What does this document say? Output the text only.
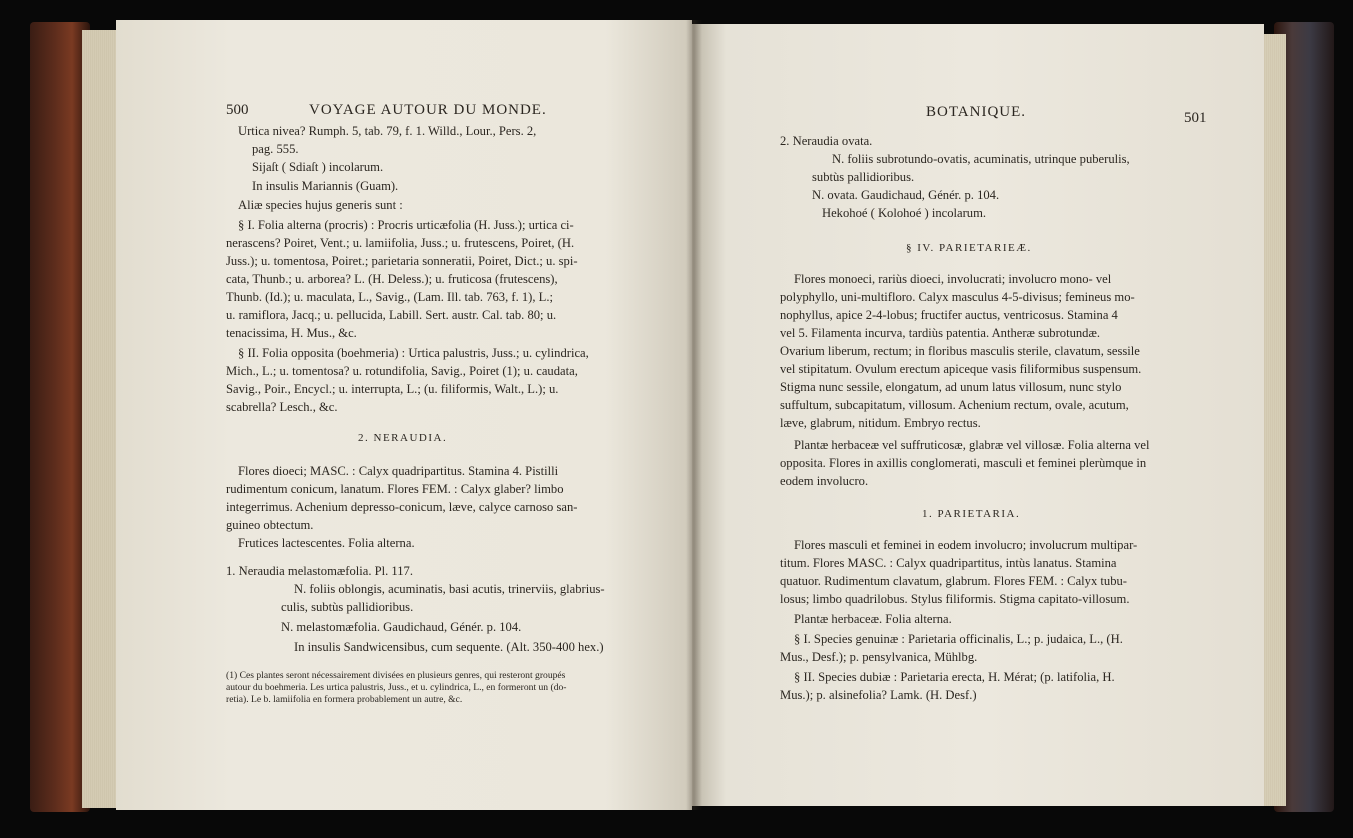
500	VOYAGE AUTOUR DU MONDE.
Urtica nivea? Rumph. 5, tab. 79, f. 1. Willd., Lour., Pers. 2,
pag. 555.
Sĳaſt ( Sdiaſt ) incolarum.
In insulis Mariannis (Guam).
Aliæ species hujus generis sunt :
§ I. Folia alterna (procris) : Procris urticæfolia (H. Juss.); urtica ci-
nerascens? Poiret, Vent.; u. lamiifolia, Juss.; u. frutescens, Poiret, (H.
Juss.); u. tomentosa, Poiret.; parietaria sonneratii, Poiret, Dict.; u. spi-
cata, Thunb.; u. arborea? L. (H. Deless.); u. fruticosa (frutescens),
Thunb. (Id.); u. maculata, L., Savig., (Lam. Ill. tab. 763, f. 1), L.;
u. ramiflora, Jacq.; u. pellucida, Labill. Sert. austr. Cal. tab. 80; u.
tenacissima, H. Mus., &c.
§ II. Folia opposita (boehmeria) : Urtica palustris, Juss.; u. cylindrica,
Mich., L.; u. tomentosa? u. rotundifolia, Savig., Poiret (1); u. caudata,
Savig., Poir., Encycl.; u. interrupta, L.; (u. filiformis, Walt., L.); u.
scabrella? Lesch., &c.
2. NERAUDIA.
Flores dioeci; MASC. : Calyx quadripartitus. Stamina 4. Pistilli
rudimentum conicum, lanatum. Flores FEM. : Calyx glaber? limbo
integerrimus. Achenium depresso-conicum, læve, calyce carnoso san-
guineo obtectum.
Frutices lactescentes. Folia alterna.
1. Neraudia melastomæfolia. Pl. 117.
N. foliis oblongis, acuminatis, basi acutis, trinerviis, glabrius-
culis, subtùs pallidioribus.
N. melastomæfolia. Gaudichaud, Génér. p. 104.
In insulis Sandwicensibus, cum sequente. (Alt. 350-400 hex.)
(1) Ces plantes seront nécessairement divisées en plusieurs genres, qui resteront groupés
autour du boehmeria. Les urtica palustris, Juss., et u. cylindrica, L., en formeront un (do-
retia). Le b. lamiifolia en formera probablement un autre, &c.
BOTANIQUE.	501
2. Neraudia ovata.
N. foliis subrotundo-ovatis, acuminatis, utrinque puberulis,
subtùs pallidioribus.
N. ovata. Gaudichaud, Génér. p. 104.
Hekohoé ( Kolohoé ) incolarum.
§ IV. PARIETARIEÆ.
Flores monoeci, rariùs dioeci, involucrati; involucro mono- vel
polyphyllo, uni-multifloro. Calyx masculus 4-5-divisus; femineus mo-
nophyllus, apice 2-4-lobus; fructifer auctus, ventricosus. Stamina 4
vel 5. Filamenta incurva, tardiùs patentia. Antheræ subrotundæ.
Ovarium liberum, rectum; in floribus masculis sterile, clavatum, sessile
vel stipitatum. Ovulum erectum apiceque vasis filiformibus suspensum.
Stigma nunc sessile, elongatum, ad unum latus villosum, nunc stylo
suffultum, subcapitatum, villosum. Achenium rectum, ovale, acutum,
læve, glabrum, nitidum. Embryo rectus.
Plantæ herbaceæ vel suffruticosæ, glabræ vel villosæ. Folia alterna vel
opposita. Flores in axillis conglomerati, masculi et feminei plerùmque in
eodem involucro.
1. PARIETARIA.
Flores masculi et feminei in eodem involucro; involucrum multipar-
titum. Flores MASC. : Calyx quadripartitus, intùs lanatus. Stamina
quatuor. Rudimentum clavatum, glabrum. Flores FEM. : Calyx tubu-
losus; limbo quadrilobus. Stylus filiformis. Stigma capitato-villosum.
Plantæ herbaceæ. Folia alterna.
§ I. Species genuinæ : Parietaria officinalis, L.; p. judaica, L., (H.
Mus., Desf.); p. pensylvanica, Mühlbg.
§ II. Species dubiæ : Parietaria erecta, H. Mérat; (p. latifolia, H.
Mus.); p. alsinefolia? Lamk. (H. Desf.)
